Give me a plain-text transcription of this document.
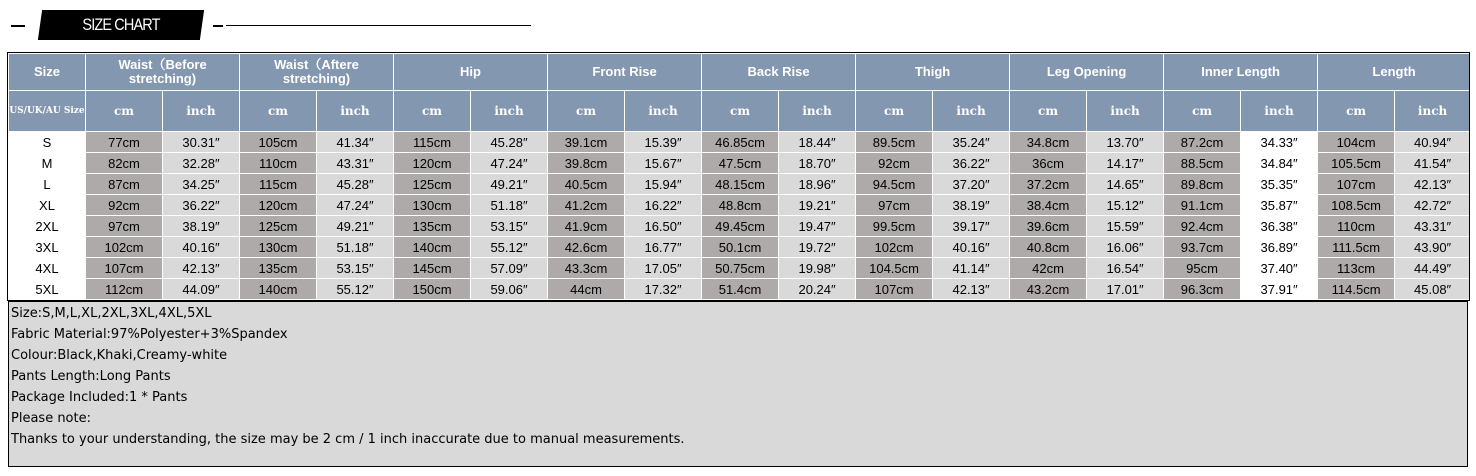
SIZE CHART
Size	Waist（Before stretching)		Waist（Aftere stretching)		Hip		Front Rise		Back Rise		Thigh		Leg Opening		Inner Length		Length	
US/UK/AU Size	cm	inch	cm	inch	cm	inch	cm	inch	cm	inch	cm	inch	cm	inch	cm	inch	cm	inch
S	77cm	30.31″	105cm	41.34″	115cm	45.28″	39.1cm	15.39″	46.85cm	18.44″	89.5cm	35.24″	34.8cm	13.70″	87.2cm	34.33″	104cm	40.94″
M	82cm	32.28″	110cm	43.31″	120cm	47.24″	39.8cm	15.67″	47.5cm	18.70″	92cm	36.22″	36cm	14.17″	88.5cm	34.84″	105.5cm	41.54″
L	87cm	34.25″	115cm	45.28″	125cm	49.21″	40.5cm	15.94″	48.15cm	18.96″	94.5cm	37.20″	37.2cm	14.65″	89.8cm	35.35″	107cm	42.13″
XL	92cm	36.22″	120cm	47.24″	130cm	51.18″	41.2cm	16.22″	48.8cm	19.21″	97cm	38.19″	38.4cm	15.12″	91.1cm	35.87″	108.5cm	42.72″
2XL	97cm	38.19″	125cm	49.21″	135cm	53.15″	41.9cm	16.50″	49.45cm	19.47″	99.5cm	39.17″	39.6cm	15.59″	92.4cm	36.38″	110cm	43.31″
3XL	102cm	40.16″	130cm	51.18″	140cm	55.12″	42.6cm	16.77″	50.1cm	19.72″	102cm	40.16″	40.8cm	16.06″	93.7cm	36.89″	111.5cm	43.90″
4XL	107cm	42.13″	135cm	53.15″	145cm	57.09″	43.3cm	17.05″	50.75cm	19.98″	104.5cm	41.14″	42cm	16.54″	95cm	37.40″	113cm	44.49″
5XL	112cm	44.09″	140cm	55.12″	150cm	59.06″	44cm	17.32″	51.4cm	20.24″	107cm	42.13″	43.2cm	17.01″	96.3cm	37.91″	114.5cm	45.08″
Size:S,M,L,XL,2XL,3XL,4XL,5XL
Fabric Material:97%Polyester+3%Spandex
Colour:Black,Khaki,Creamy-white
Pants Length:Long Pants
Package Included:1 * Pants
Please note:
Thanks to your understanding, the size may be 2 cm / 1 inch inaccurate due to manual measurements.
